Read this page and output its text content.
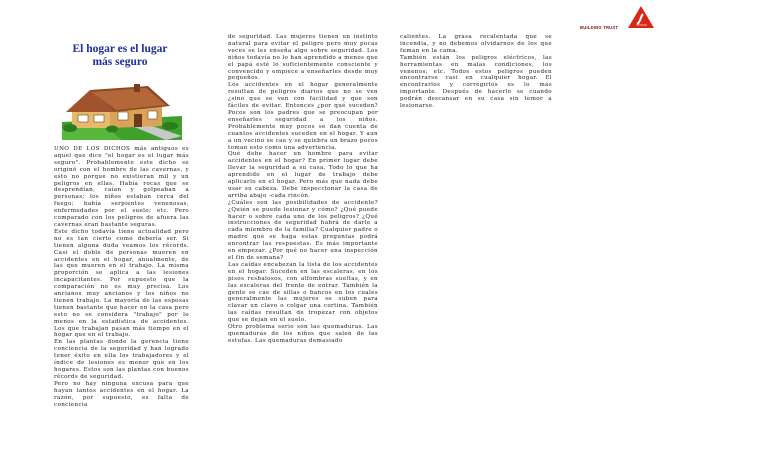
BUILDING TRUST
El hogar es el lugar
más seguro

UNO DE LOS DICHOS más antiguos es aquel que dice "el hogar es el lugar más seguro". Probablemente este dicho se originó con el hombre de las cavernas, y esto no porque no existieran mil y un peligros en ellas. Había rocas que se desprendían, caían y golpeaban a personas; los niños estaban cerca del fuego; había serpientes venenosas, enfermedades por el suelo; etc. Pero comparado con los peligros de afuera las cavernas eran bastante seguras.

Este dicho todavía tiene actualidad pero no es tan cierto como debería ser. Si tienen alguna duda veamos los récords. Casi el doble de personas mueren en accidentes en el hogar, anualmente, de las que mueren en el trabajo. La misma proporción se aplica a las lesiones incapacitantes. Por supuesto que la comparación no es muy precisa. Los ancianos muy ancianos y los niños no tienen trabajo. La mayoría de las esposas tienen bastante que hacer en la casa pero esto no se considera "trabajo" por lo menos en la estadística de accidentes. Los que trabajan pasan más tiempo en el hogar que en el trabajo.

En las plantas donde la gerencia tiene conciencia de la seguridad y han logrado tener éxito en ella los trabajadores y el índice de lesiones es menor que en los hogares. Estos son las plantas con buenos récords de seguridad.

Pero no hay ninguna excusa para que hayan tantos accidentes en el hogar. La razón, por supuesto, es falta de conciencia

de seguridad. Las mujeres tienen un instinto natural para evitar el peligro pero muy pocas veces se les enseña algo sobre seguridad. Los niños todavía no lo han aprendido a menos que el papá esté lo suficientemente consciente y convencido y empiece a enseñarles desde muy pequeños.

Los accidentes en el hogar generalmente resultan de peligros diarios que no se ven ¿sino que se ven con facilidad y que son fáciles de evitar. Entonces ¿por qué suceden? Pocos son los padres que se preocupan por enseñarles seguridad a los niños. Probablemente muy pocos se dan cuenta de cuantos accidentes suceden en el hogar. Y aun a un vecino se cae y se quiebra un brazo pocos toman esto como una advertencia.

Qué debe hacer un hombre para evitar accidentes en el hogar? En primer lugar debe llevar la seguridad a su casa. Todo lo que ha aprendido en el lugar de trabajo debe aplicarlo en el hogar. Pero más que nada debe usar su cabeza. Debe inspeccionar la casa de arriba abajo -cada rincón.

¿Cuáles son las posibilidades de accidente? ¿Quién se puede lesionar y cómo? ¿Qué puede hacer o sobre cada uno de los peligros? ¿Qué instrucciones de seguridad habrá de darle a cada miembro de la familia? Cualquier padre o madre que se haga estas preguntas podrá encontrar las respuestas. Es más importante en empezar. ¿Por qué no hacer una inspección el fin de semana?

Las caídas encabezan la lista de los accidentes en el hogar. Suceden en las escaleras, en los pisos resbalosos, con alfombras sueltas, y en las escaleras del frente de entrar. También la gente se cae de sillas o bancos en los cuales generalmente las mujeres se suben para clavar un clavo o colgar una cortina. También las caídas resultan de tropezar con objetos que se dejan en el suelo.

Otro problema serio son las quemaduras. Las quemaduras de los niños que salen de las estufas. Las quemaduras demasiado

calientes. La grasa recalentada que se incendia, y no debemos olvidarnos de los que fuman en la cama.

También están los peligros eléctricos, las herramientas en malas condiciones, los venenos; etc. Todos estos peligros pueden encontrarse casi en cualquier hogar. El encontrarlos y corregirlos es lo más importante. Después de hacerlo se cuando podrán descansar en su casa sin temor a lesionarse.
